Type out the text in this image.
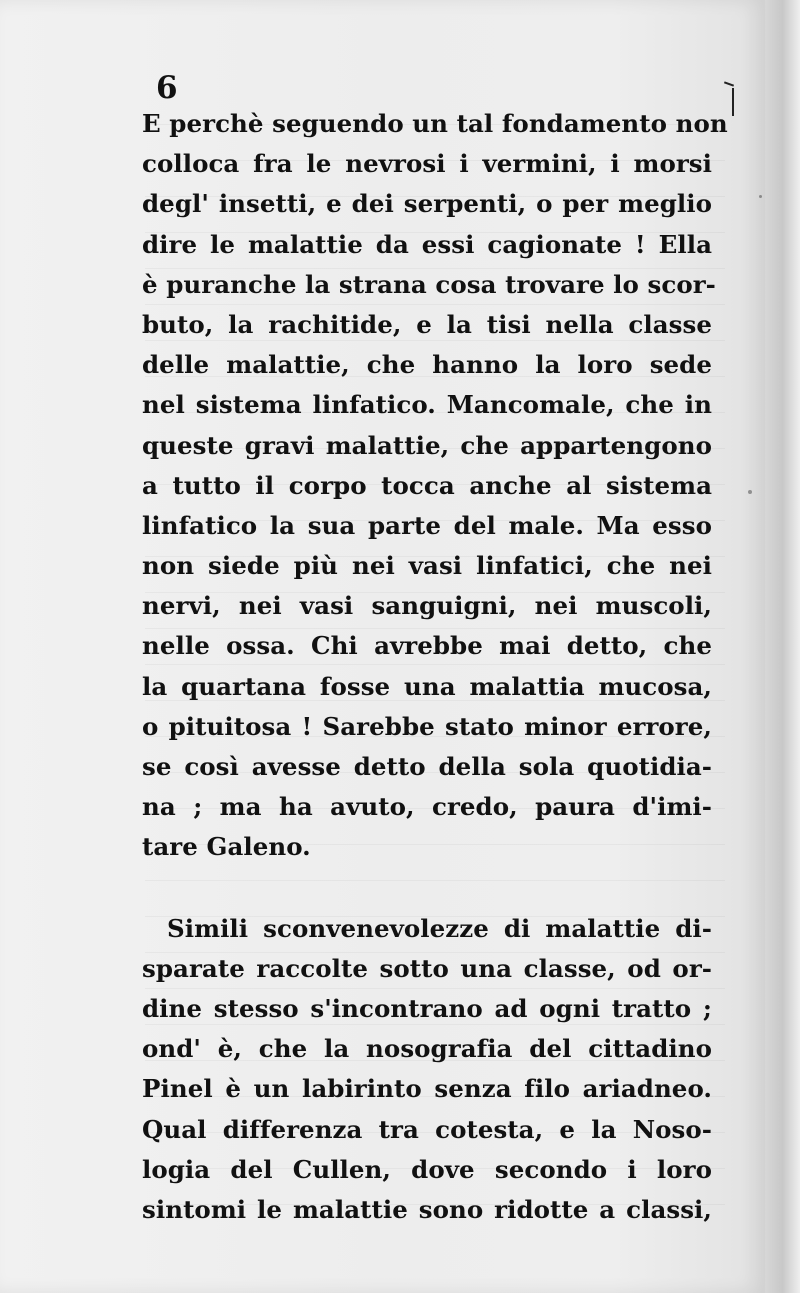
6
E perchè seguendo un tal fondamento non
colloca fra le nevrosi i vermini, i morsi
degl' insetti, e dei serpenti, o per meglio
dire le malattie da essi cagionate ! Ella
è puranche la strana cosa trovare lo scor-
buto, la rachitide, e la tisi nella classe
delle malattie, che hanno la loro sede
nel sistema linfatico. Mancomale, che in
queste gravi malattie, che appartengono
a tutto il corpo tocca anche al sistema
linfatico la sua parte del male. Ma esso
non siede più nei vasi linfatici, che nei
nervi, nei vasi sanguigni, nei muscoli,
nelle ossa. Chi avrebbe mai detto, che
la quartana fosse una malattia mucosa,
o pituitosa ! Sarebbe stato minor errore,
se così avesse detto della sola quotidia-
na ; ma ha avuto, credo, paura d'imi-
tare Galeno.
Simili sconvenevolezze di malattie di-
sparate raccolte sotto una classe, od or-
dine stesso s'incontrano ad ogni tratto ;
ond' è, che la nosografia del cittadino
Pinel è un labirinto senza filo ariadneo.
Qual differenza tra cotesta, e la Noso-
logia del Cullen, dove secondo i loro
sintomi le malattie sono ridotte a classi,
